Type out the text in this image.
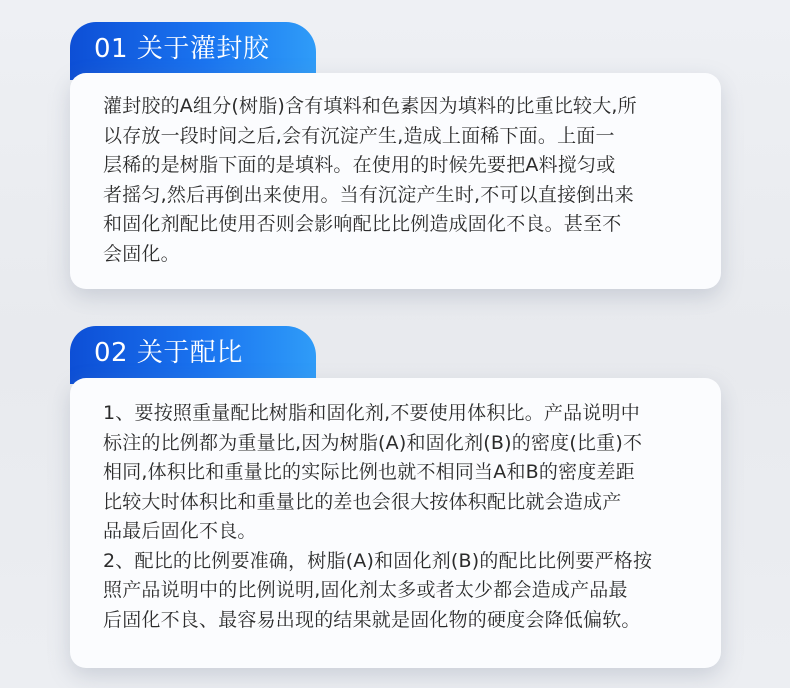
01 关于灌封胶
灌封胶的A组分(树脂)含有填料和色素因为填料的比重比较大,所
以存放一段时间之后,会有沉淀产生,造成上面稀下面。上面一
层稀的是树脂下面的是填料。在使用的时候先要把A料搅匀或
者摇匀,然后再倒出来使用。当有沉淀产生时,不可以直接倒出来
和固化剂配比使用否则会影响配比比例造成固化不良。甚至不
会固化。
02 关于配比
1、要按照重量配比树脂和固化剂,不要使用体积比。产品说明中
标注的比例都为重量比,因为树脂(A)和固化剂(B)的密度(比重)不
相同,体积比和重量比的实际比例也就不相同当A和B的密度差距
比较大时体积比和重量比的差也会很大按体积配比就会造成产
品最后固化不良。
2、配比的比例要准确，树脂(A)和固化剂(B)的配比比例要严格按
照产品说明中的比例说明,固化剂太多或者太少都会造成产品最
后固化不良、最容易出现的结果就是固化物的硬度会降低偏软。
